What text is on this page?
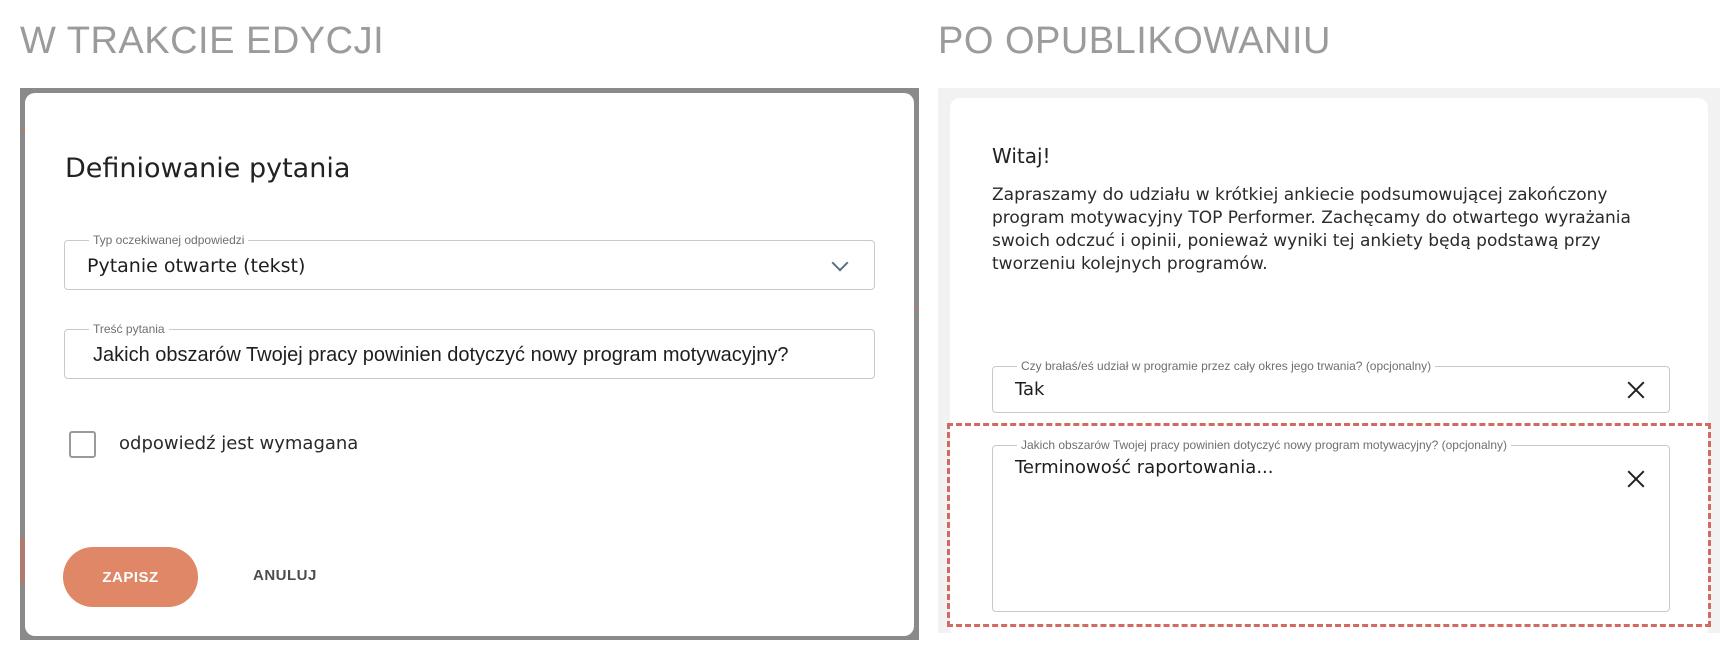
W TRAKCIE EDYCJI	PO OPUBLIKOWANIU
Definiowanie pytania
Typ oczekiwanej odpowiedzi
Pytanie otwarte (tekst)
Treść pytania
Jakich obszarów Twojej pracy powinien dotyczyć nowy program motywacyjny?
odpowiedź jest wymagana
ZAPISZ	ANULUJ
Witaj!

Zapraszamy do udziału w krótkiej ankiecie podsumowującej zakończony program motywacyjny TOP Performer. Zachęcamy do otwartego wyrażania swoich odczuć i opinii, ponieważ wyniki tej ankiety będą podstawą przy tworzeniu kolejnych programów.

Czy brałaś/eś udział w programie przez cały okres jego trwania? (opcjonalny)
Tak
Jakich obszarów Twojej pracy powinien dotyczyć nowy program motywacyjny? (opcjonalny)
Terminowość raportowania...
